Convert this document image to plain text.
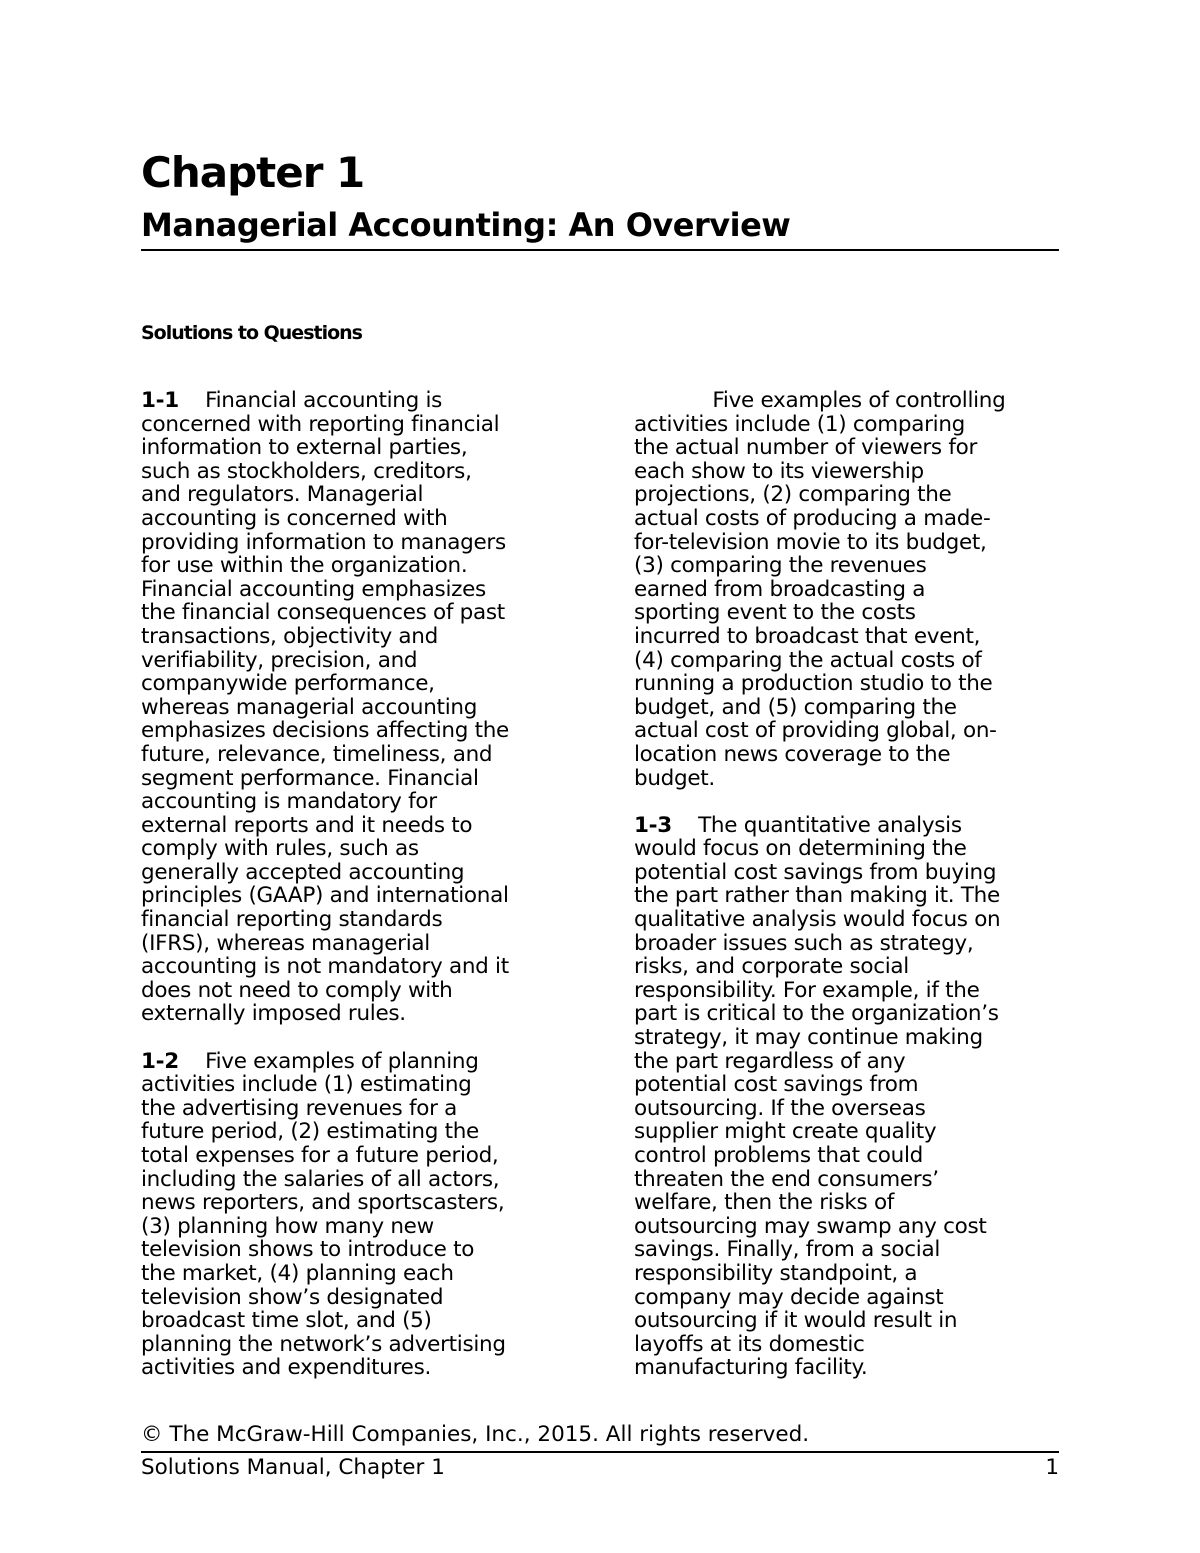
Chapter 1
Managerial Accounting: An Overview
Solutions to Questions

1-1 Financial accounting is
concerned with reporting financial
information to external parties,
such as stockholders, creditors,
and regulators. Managerial
accounting is concerned with
providing information to managers
for use within the organization.
Financial accounting emphasizes
the financial consequences of past
transactions, objectivity and
verifiability, precision, and
companywide performance,
whereas managerial accounting
emphasizes decisions affecting the
future, relevance, timeliness, and
segment performance. Financial
accounting is mandatory for
external reports and it needs to
comply with rules, such as
generally accepted accounting
principles (GAAP) and international
financial reporting standards
(IFRS), whereas managerial
accounting is not mandatory and it
does not need to comply with
externally imposed rules.

1-2 Five examples of planning
activities include (1) estimating
the advertising revenues for a
future period, (2) estimating the
total expenses for a future period,
including the salaries of all actors,
news reporters, and sportscasters,
(3) planning how many new
television shows to introduce to
the market, (4) planning each
television show’s designated
broadcast time slot, and (5)
planning the network’s advertising
activities and expenditures.

Five examples of controlling
activities include (1) comparing
the actual number of viewers for
each show to its viewership
projections, (2) comparing the
actual costs of producing a made-
for-television movie to its budget,
(3) comparing the revenues
earned from broadcasting a
sporting event to the costs
incurred to broadcast that event,
(4) comparing the actual costs of
running a production studio to the
budget, and (5) comparing the
actual cost of providing global, on-
location news coverage to the
budget.

1-3 The quantitative analysis
would focus on determining the
potential cost savings from buying
the part rather than making it. The
qualitative analysis would focus on
broader issues such as strategy,
risks, and corporate social
responsibility. For example, if the
part is critical to the organization’s
strategy, it may continue making
the part regardless of any
potential cost savings from
outsourcing. If the overseas
supplier might create quality
control problems that could
threaten the end consumers’
welfare, then the risks of
outsourcing may swamp any cost
savings. Finally, from a social
responsibility standpoint, a
company may decide against
outsourcing if it would result in
layoffs at its domestic
manufacturing facility.

© The McGraw-Hill Companies, Inc., 2015. All rights reserved.

Solutions Manual, Chapter 1	1
